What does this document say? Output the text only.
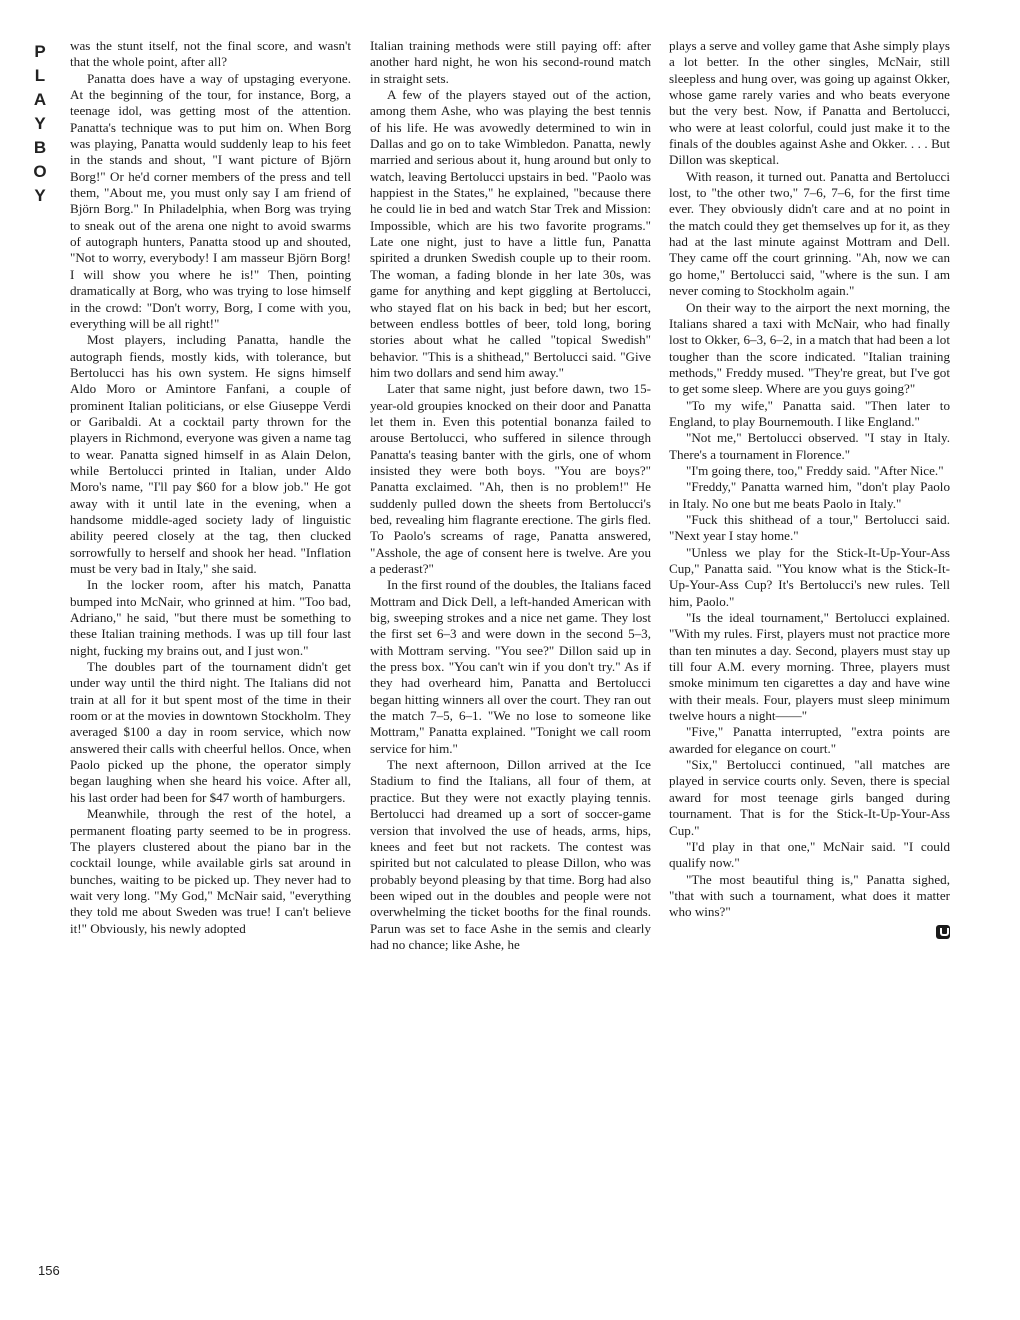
P
L
A
Y
B
O
Y

was the stunt itself, not the final score, and wasn't that the whole point, after all?

Panatta does have a way of upstaging everyone. At the beginning of the tour, for instance, Borg, a teenage idol, was getting most of the attention. Panatta's technique was to put him on. When Borg was playing, Panatta would suddenly leap to his feet in the stands and shout, "I want picture of Björn Borg!" Or he'd corner members of the press and tell them, "About me, you must only say I am friend of Björn Borg." In Philadelphia, when Borg was trying to sneak out of the arena one night to avoid swarms of autograph hunters, Panatta stood up and shouted, "Not to worry, everybody! I am masseur Björn Borg! I will show you where he is!" Then, pointing dramatically at Borg, who was trying to lose himself in the crowd: "Don't worry, Borg, I come with you, everything will be all right!"

Most players, including Panatta, handle the autograph fiends, mostly kids, with tolerance, but Bertolucci has his own system. He signs himself Aldo Moro or Amintore Fanfani, a couple of prominent Italian politicians, or else Giuseppe Verdi or Garibaldi. At a cocktail party thrown for the players in Richmond, everyone was given a name tag to wear. Panatta signed himself in as Alain Delon, while Bertolucci printed in Italian, under Aldo Moro's name, "I'll pay $60 for a blow job." He got away with it until late in the evening, when a handsome middle-aged society lady of linguistic ability peered closely at the tag, then clucked sorrowfully to herself and shook her head. "Inflation must be very bad in Italy," she said.

In the locker room, after his match, Panatta bumped into McNair, who grinned at him. "Too bad, Adriano," he said, "but there must be something to these Italian training methods. I was up till four last night, fucking my brains out, and I just won."

The doubles part of the tournament didn't get under way until the third night. The Italians did not train at all for it but spent most of the time in their room or at the movies in downtown Stockholm. They averaged $100 a day in room service, which now answered their calls with cheerful hellos. Once, when Paolo picked up the phone, the operator simply began laughing when she heard his voice. After all, his last order had been for $47 worth of hamburgers.

Meanwhile, through the rest of the hotel, a permanent floating party seemed to be in progress. The players clustered about the piano bar in the cocktail lounge, while available girls sat around in bunches, waiting to be picked up. They never had to wait very long. "My God," McNair said, "everything they told me about Sweden was true! I can't believe it!" Obviously, his newly adopted

Italian training methods were still paying off: after another hard night, he won his second-round match in straight sets.

A few of the players stayed out of the action, among them Ashe, who was playing the best tennis of his life. He was avowedly determined to win in Dallas and go on to take Wimbledon. Panatta, newly married and serious about it, hung around but only to watch, leaving Bertolucci upstairs in bed. "Paolo was happiest in the States," he explained, "because there he could lie in bed and watch Star Trek and Mission: Impossible, which are his two favorite programs." Late one night, just to have a little fun, Panatta spirited a drunken Swedish couple up to their room. The woman, a fading blonde in her late 30s, was game for anything and kept giggling at Bertolucci, who stayed flat on his back in bed; but her escort, between endless bottles of beer, told long, boring stories about what he called "topical Swedish" behavior. "This is a shithead," Bertolucci said. "Give him two dollars and send him away."

Later that same night, just before dawn, two 15-year-old groupies knocked on their door and Panatta let them in. Even this potential bonanza failed to arouse Bertolucci, who suffered in silence through Panatta's teasing banter with the girls, one of whom insisted they were both boys. "You are boys?" Panatta exclaimed. "Ah, then is no problem!" He suddenly pulled down the sheets from Bertolucci's bed, revealing him flagrante erectione. The girls fled. To Paolo's screams of rage, Panatta answered, "Asshole, the age of consent here is twelve. Are you a pederast?"

In the first round of the doubles, the Italians faced Mottram and Dick Dell, a left-handed American with big, sweeping strokes and a nice net game. They lost the first set 6–3 and were down in the second 5–3, with Mottram serving. "You see?" Dillon said up in the press box. "You can't win if you don't try." As if they had overheard him, Panatta and Bertolucci began hitting winners all over the court. They ran out the match 7–5, 6–1. "We no lose to someone like Mottram," Panatta explained. "Tonight we call room service for him."

The next afternoon, Dillon arrived at the Ice Stadium to find the Italians, all four of them, at practice. But they were not exactly playing tennis. Bertolucci had dreamed up a sort of soccer-game version that involved the use of heads, arms, hips, knees and feet but not rackets. The contest was spirited but not calculated to please Dillon, who was probably beyond pleasing by that time. Borg had also been wiped out in the doubles and people were not overwhelming the ticket booths for the final rounds. Parun was set to face Ashe in the semis and clearly had no chance; like Ashe, he

plays a serve and volley game that Ashe simply plays a lot better. In the other singles, McNair, still sleepless and hung over, was going up against Okker, whose game rarely varies and who beats everyone but the very best. Now, if Panatta and Bertolucci, who were at least colorful, could just make it to the finals of the doubles against Ashe and Okker. . . . But Dillon was skeptical.

With reason, it turned out. Panatta and Bertolucci lost, to "the other two," 7–6, 7–6, for the first time ever. They obviously didn't care and at no point in the match could they get themselves up for it, as they had at the last minute against Mottram and Dell. They came off the court grinning. "Ah, now we can go home," Bertolucci said, "where is the sun. I am never coming to Stockholm again."

On their way to the airport the next morning, the Italians shared a taxi with McNair, who had finally lost to Okker, 6–3, 6–2, in a match that had been a lot tougher than the score indicated. "Italian training methods," Freddy mused. "They're great, but I've got to get some sleep. Where are you guys going?"

"To my wife," Panatta said. "Then later to England, to play Bournemouth. I like England."

"Not me," Bertolucci observed. "I stay in Italy. There's a tournament in Florence."

"I'm going there, too," Freddy said. "After Nice."

"Freddy," Panatta warned him, "don't play Paolo in Italy. No one but me beats Paolo in Italy."

"Fuck this shithead of a tour," Bertolucci said. "Next year I stay home."

"Unless we play for the Stick-It-Up-Your-Ass Cup," Panatta said. "You know what is the Stick-It-Up-Your-Ass Cup? It's Bertolucci's new rules. Tell him, Paolo."

"Is the ideal tournament," Bertolucci explained. "With my rules. First, players must not practice more than ten minutes a day. Second, players must stay up till four A.M. every morning. Three, players must smoke minimum ten cigarettes a day and have wine with their meals. Four, players must sleep minimum twelve hours a night——"

"Five," Panatta interrupted, "extra points are awarded for elegance on court."

"Six," Bertolucci continued, "all matches are played in service courts only. Seven, there is special award for most teenage girls banged during tournament. That is for the Stick-It-Up-Your-Ass Cup."

"I'd play in that one," McNair said. "I could qualify now."

"The most beautiful thing is," Panatta sighed, "that with such a tournament, what does it matter who wins?"

156
